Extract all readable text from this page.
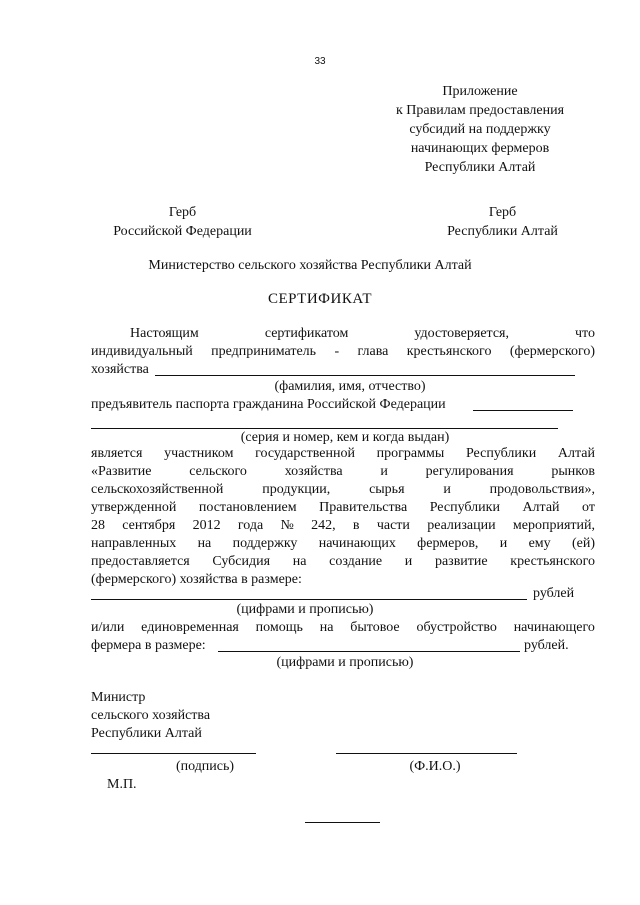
33
Приложение
к Правилам предоставления
субсидий на поддержку
начинающих фермеров
Республики Алтай
Герб
Российской Федерации
Герб
Республики Алтай
Министерство сельского хозяйства Республики Алтай
СЕРТИФИКАТ
Настоящим	сертификатом	удостоверяется,	что
индивидуальный предприниматель - глава крестьянского (фермерского)
хозяйства
(фамилия, имя, отчество)
предъявитель паспорта гражданина Российской Федерации
(серия и номер, кем и когда выдан)
является участником государственной программы Республики Алтай
«Развитие	сельского	хозяйства	и	регулирования	рынков
сельскохозяйственной	продукции,	сырья	и	продовольствия»,
утвержденной постановлением Правительства Республики Алтай от
28 сентября 2012 года № 242, в части реализации мероприятий,
направленных на поддержку начинающих фермеров, и ему (ей)
предоставляется Субсидия на создание и развитие крестьянского
(фермерского) хозяйства в размере:
рублей
(цифрами и прописью)
и/или единовременная помощь на бытовое обустройство начинающего
фермера в размере:	рублей.
(цифрами и прописью)
Министр
сельского хозяйства
Республики Алтай
(подпись)	(Ф.И.О.)
М.П.
